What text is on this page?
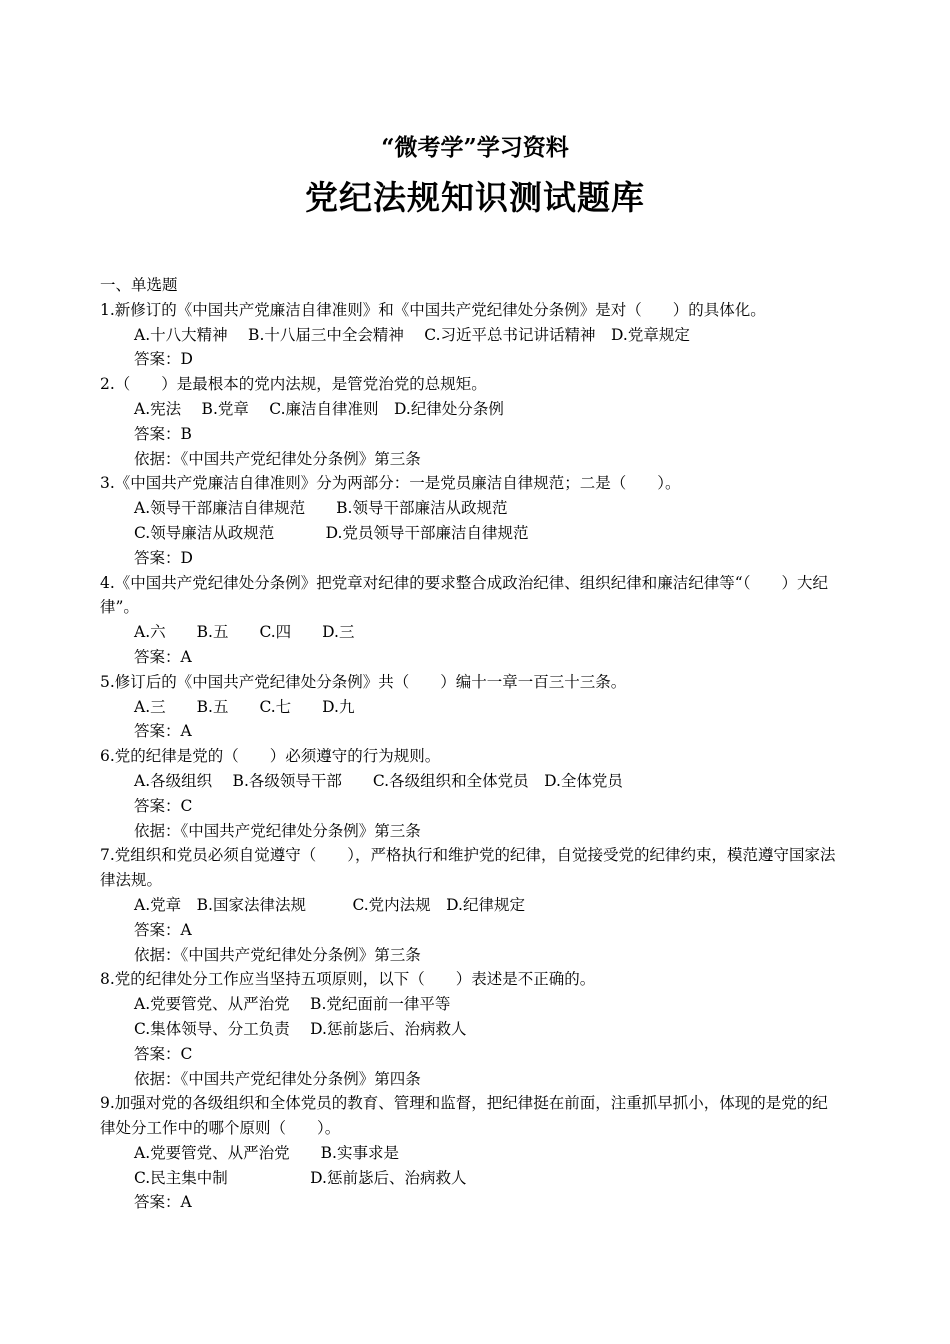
“微考学”学习资料
党纪法规知识测试题库
一、单选题
1.新修订的《中国共产党廉洁自律准则》和《中国共产党纪律处分条例》是对（　　）的具体化。
A.十八大精神　 B.十八届三中全会精神　 C.习近平总书记讲话精神　D.党章规定
答案：D
2.（　　）是最根本的党内法规，是管党治党的总规矩。
A.宪法　 B.党章　 C.廉洁自律准则　D.纪律处分条例
答案：B
依据：《中国共产党纪律处分条例》第三条
3.《中国共产党廉洁自律准则》分为两部分：一是党员廉洁自律规范；二是（　　）。
A.领导干部廉洁自律规范　　B.领导干部廉洁从政规范
C.领导廉洁从政规范　　　 D.党员领导干部廉洁自律规范
答案：D
4.《中国共产党纪律处分条例》把党章对纪律的要求整合成政治纪律、组织纪律和廉洁纪律等“（　　）大纪
律”。
A.六　　B.五　　C.四　　D.三
答案：A
5.修订后的《中国共产党纪律处分条例》共（　　）编十一章一百三十三条。
A.三　　B.五　　C.七　　D.九
答案：A
6.党的纪律是党的（　　）必须遵守的行为规则。
A.各级组织　 B.各级领导干部　　C.各级组织和全体党员　D.全体党员
答案：C
依据：《中国共产党纪律处分条例》第三条
7.党组织和党员必须自觉遵守（　　），严格执行和维护党的纪律，自觉接受党的纪律约束，模范遵守国家法
律法规。
A.党章　B.国家法律法规　　　C.党内法规　D.纪律规定
答案：A
依据：《中国共产党纪律处分条例》第三条
8.党的纪律处分工作应当坚持五项原则，以下（　　）表述是不正确的。
A.党要管党、从严治党　 B.党纪面前一律平等
C.集体领导、分工负责　 D.惩前毖后、治病救人
答案：C
依据：《中国共产党纪律处分条例》第四条
9.加强对党的各级组织和全体党员的教育、管理和监督，把纪律挺在前面，注重抓早抓小，体现的是党的纪
律处分工作中的哪个原则（　　）。
A.党要管党、从严治党　　B.实事求是
C.民主集中制　　　　　 D.惩前毖后、治病救人
答案：A
